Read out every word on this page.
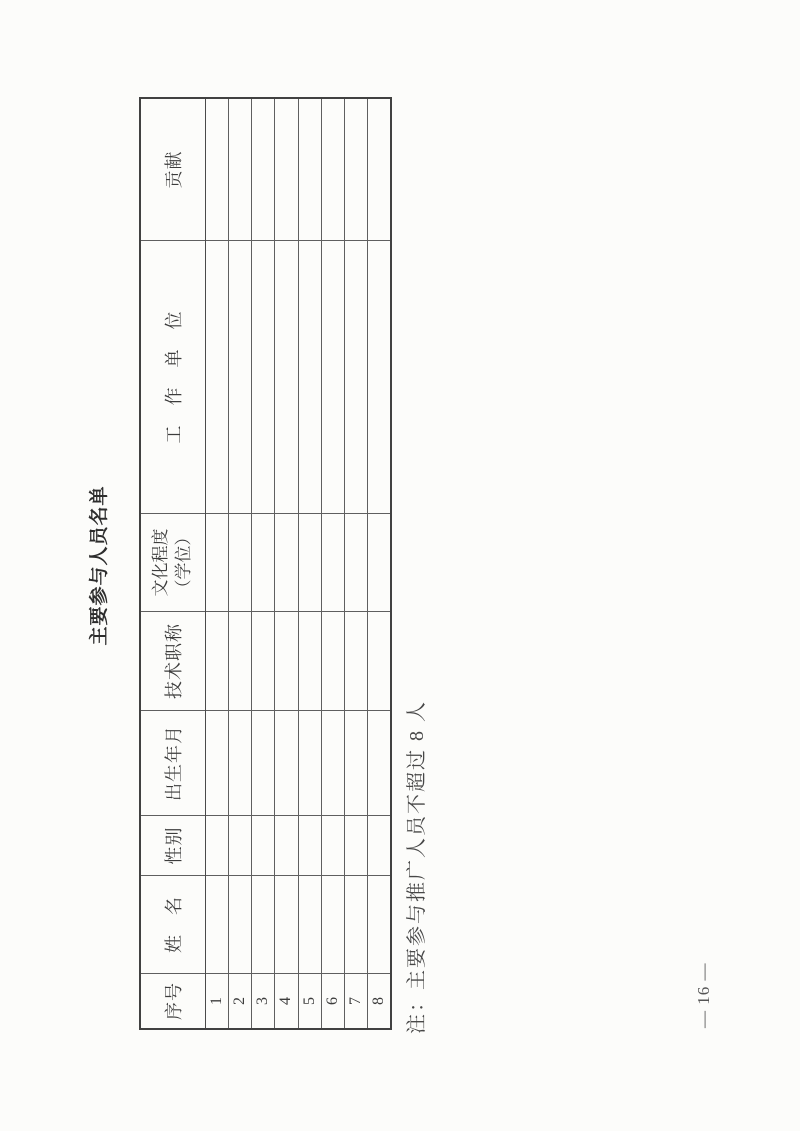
主要参与人员名单
序号
姓　名
性别
出生年月
技术职称
文化程度 （学位）
工　作　单　位
贡献
1 2 3 4 5 6 7 8 注：主要参与推广人员不超过 8 人	— 16 —
